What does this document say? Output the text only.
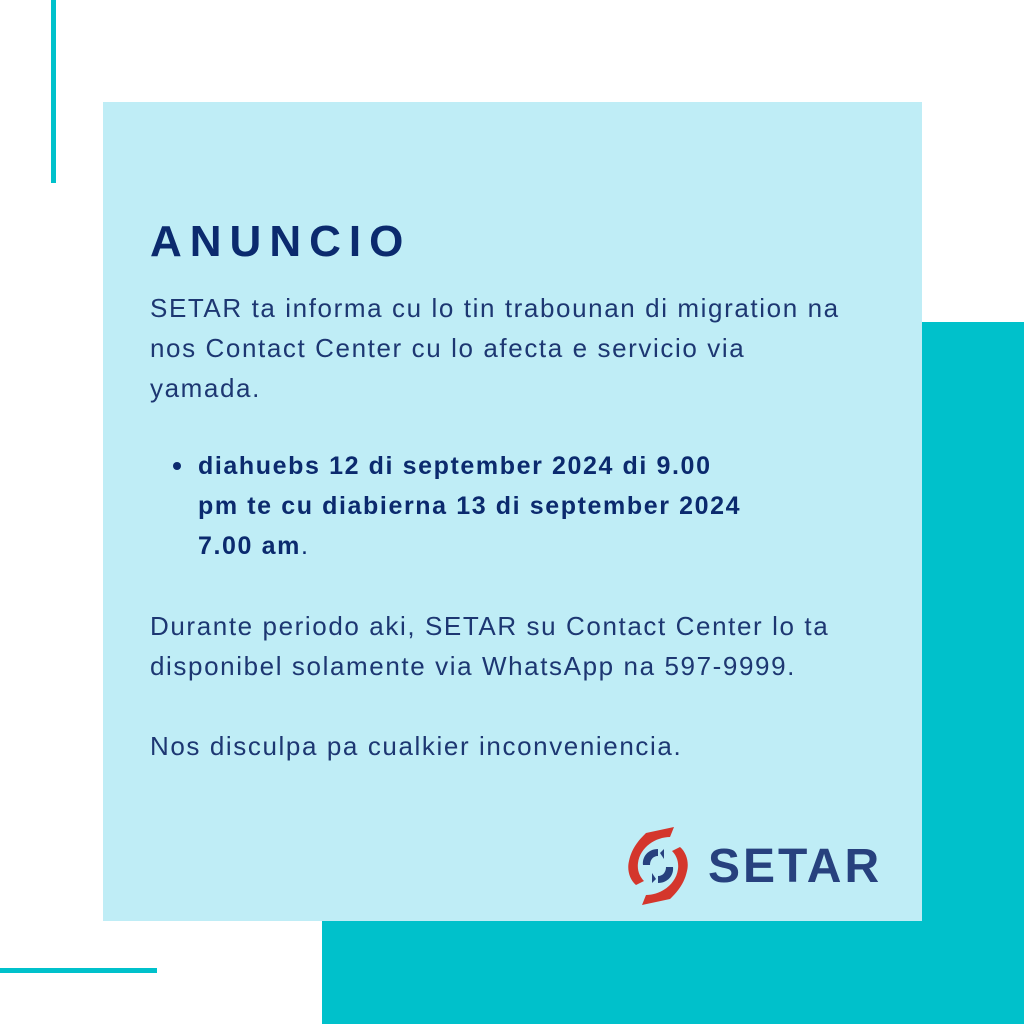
ANUNCIO

SETAR ta informa cu lo tin trabounan di migration na nos Contact Center cu lo afecta e servicio via yamada.

diahuebs 12 di september 2024 di 9.00 pm te cu diabierna 13 di september 2024 7.00 am.

Durante periodo aki, SETAR su Contact Center lo ta disponibel solamente via WhatsApp na 597-9999.

Nos disculpa pa cualkier inconveniencia.

SETAR
